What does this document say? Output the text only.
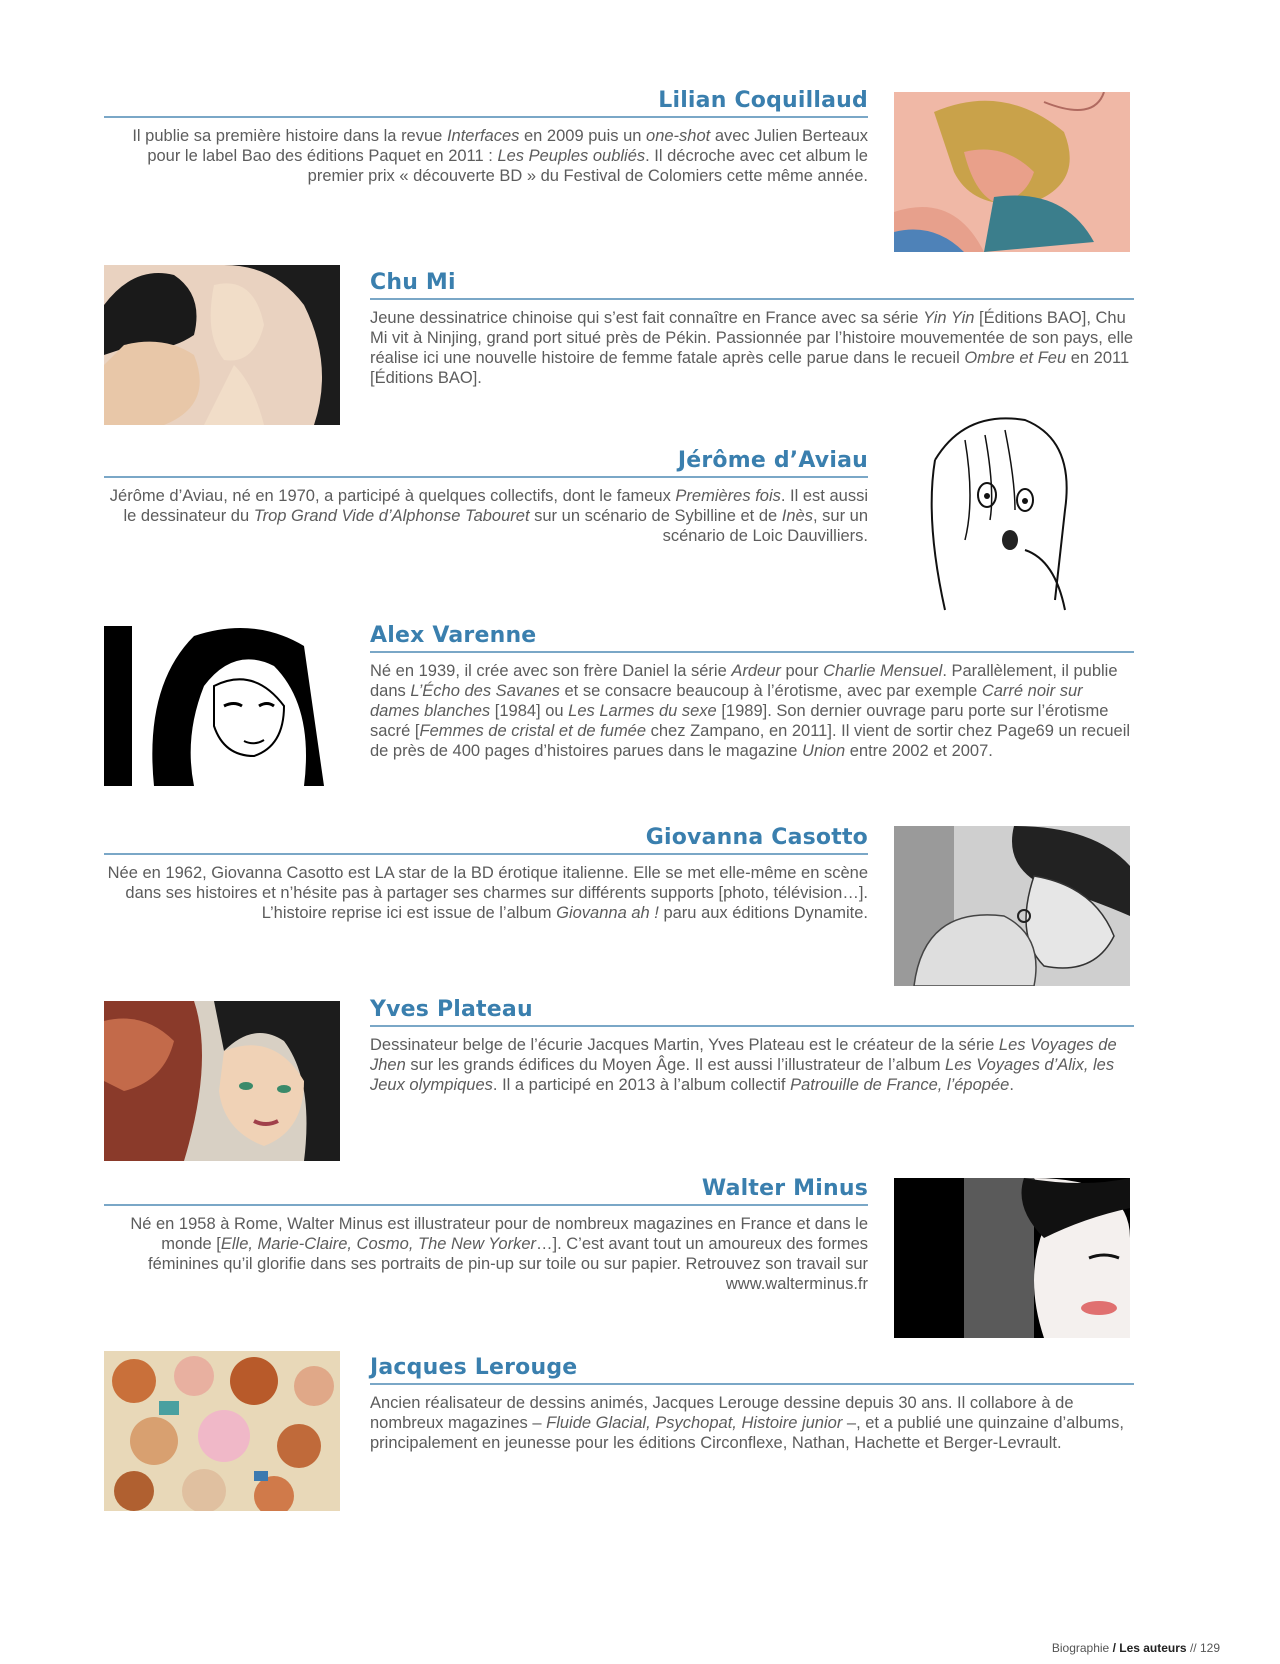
Lilian Coquillaud

Il publie sa première histoire dans la revue Interfaces en 2009 puis un one-shot avec Julien Berteaux pour le label Bao des éditions Paquet en 2011 : Les Peuples oubliés. Il décroche avec cet album le premier prix « découverte BD » du Festival de Colomiers cette même année.

Chu Mi

Jeune dessinatrice chinoise qui s’est fait connaître en France avec sa série Yin Yin [Éditions BAO], Chu Mi vit à Ninjing, grand port situé près de Pékin. Passionnée par l’histoire mouvementée de son pays, elle réalise ici une nouvelle histoire de femme fatale après celle parue dans le recueil Ombre et Feu en 2011 [Éditions BAO].

Jérôme d’Aviau

Jérôme d’Aviau, né en 1970, a participé à quelques collectifs, dont le fameux Premières fois. Il est aussi le dessinateur du Trop Grand Vide d’Alphonse Tabouret sur un scénario de Sybilline et de Inès, sur un scénario de Loic Dauvilliers.

Alex Varenne

Né en 1939, il crée avec son frère Daniel la série Ardeur pour Charlie Mensuel. Parallèlement, il publie dans L’Écho des Savanes et se consacre beaucoup à l’érotisme, avec par exemple Carré noir sur dames blanches [1984] ou Les Larmes du sexe [1989]. Son dernier ouvrage paru porte sur l’érotisme sacré [Femmes de cristal et de fumée chez Zampano, en 2011]. Il vient de sortir chez Page69 un recueil de près de 400 pages d’histoires parues dans le magazine Union entre 2002 et 2007.

Giovanna Casotto

Née en 1962, Giovanna Casotto est LA star de la BD érotique italienne. Elle se met elle-même en scène dans ses histoires et n’hésite pas à partager ses charmes sur différents supports [photo, télévision…]. L’histoire reprise ici est issue de l’album Giovanna ah ! paru aux éditions Dynamite.

Yves Plateau

Dessinateur belge de l’écurie Jacques Martin, Yves Plateau est le créateur de la série Les Voyages de Jhen sur les grands édifices du Moyen Âge. Il est aussi l’illustrateur de l’album Les Voyages d’Alix, les Jeux olympiques. Il a participé en 2013 à l’album collectif Patrouille de France, l’épopée.

Walter Minus

Né en 1958 à Rome, Walter Minus est illustrateur pour de nombreux magazines en France et dans le monde [Elle, Marie-Claire, Cosmo, The New Yorker…]. C’est avant tout un amoureux des formes féminines qu’il glorifie dans ses portraits de pin-up sur toile ou sur papier. Retrouvez son travail sur www.walterminus.fr

Jacques Lerouge

Ancien réalisateur de dessins animés, Jacques Lerouge dessine depuis 30 ans. Il collabore à de nombreux magazines – Fluide Glacial, Psychopat, Histoire junior –, et a publié une quinzaine d’albums, principalement en jeunesse pour les éditions Circonflexe, Nathan, Hachette et Berger-Levrault.

Biographie / Les auteurs // 129
